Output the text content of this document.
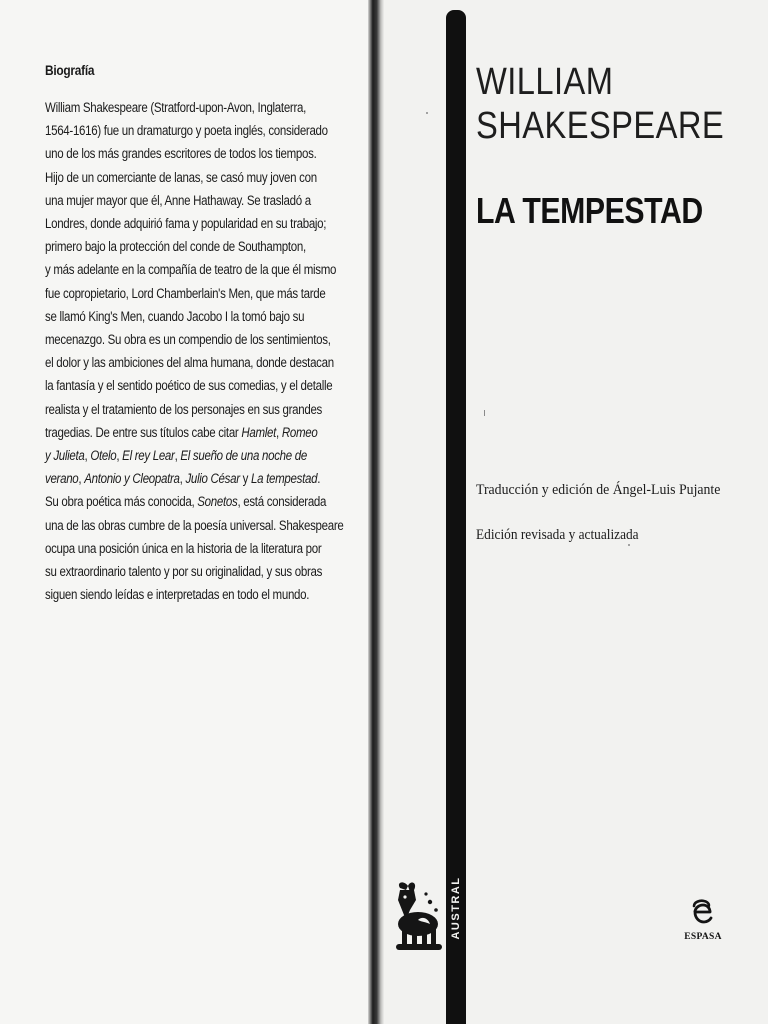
Biografía
William Shakespeare (Stratford-upon-Avon, Inglaterra,
1564-1616) fue un dramaturgo y poeta inglés, considerado
uno de los más grandes escritores de todos los tiempos.
Hijo de un comerciante de lanas, se casó muy joven con
una mujer mayor que él, Anne Hathaway. Se trasladó a
Londres, donde adquirió fama y popularidad en su trabajo;
primero bajo la protección del conde de Southampton,
y más adelante en la compañía de teatro de la que él mismo
fue copropietario, Lord Chamberlain's Men, que más tarde
se llamó King's Men, cuando Jacobo I la tomó bajo su
mecenazgo. Su obra es un compendio de los sentimientos,
el dolor y las ambiciones del alma humana, donde destacan
la fantasía y el sentido poético de sus comedias, y el detalle
realista y el tratamiento de los personajes en sus grandes
tragedias. De entre sus títulos cabe citar Hamlet, Romeo
y Julieta, Otelo, El rey Lear, El sueño de una noche de
verano, Antonio y Cleopatra, Julio César y La tempestad.
Su obra poética más conocida, Sonetos, está considerada
una de las obras cumbre de la poesía universal. Shakespeare
ocupa una posición única en la historia de la literatura por
su extraordinario talento y por su originalidad, y sus obras
siguen siendo leídas e interpretadas en todo el mundo.
AUSTRAL
WILLIAM
SHAKESPEARE
LA TEMPESTAD
Traducción y edición de Ángel-Luis Pujante
Edición revisada y actualizada
ESPASA
